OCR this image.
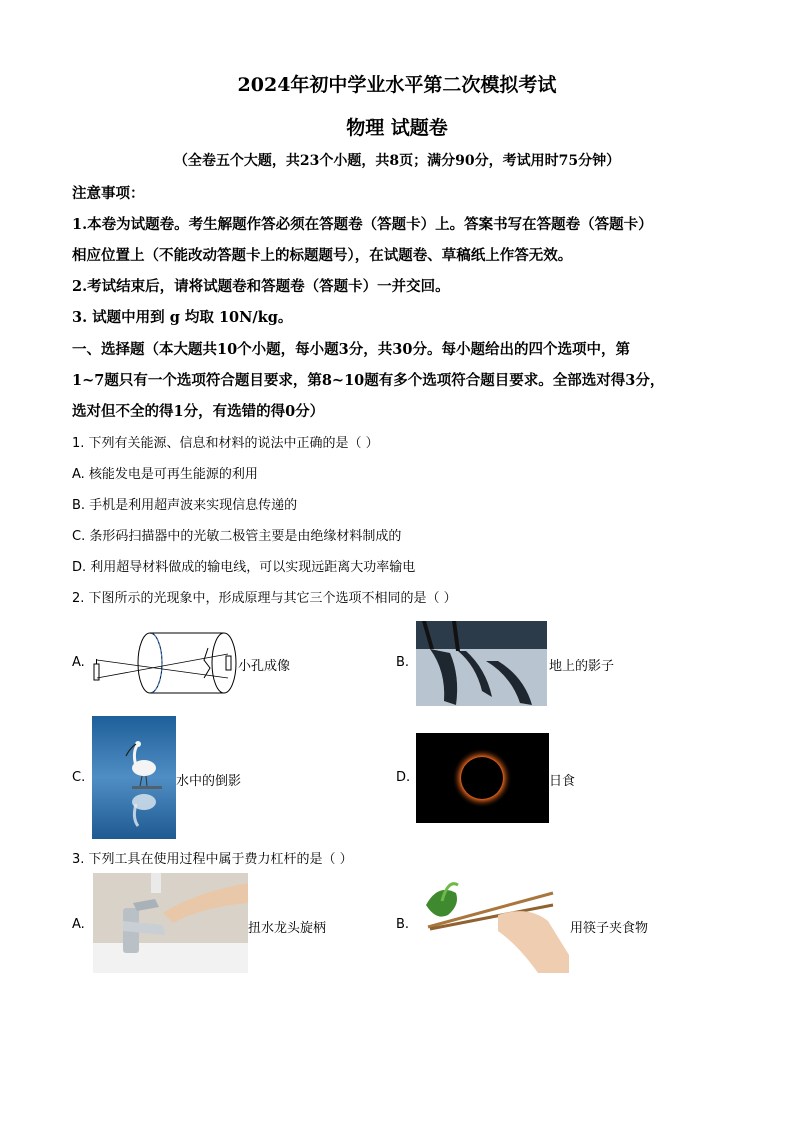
2024年初中学业水平第二次模拟考试
物理 试题卷
（全卷五个大题，共23个小题，共8页；满分90分，考试用时75分钟）
注意事项：
1.本卷为试题卷。考生解题作答必须在答题卷（答题卡）上。答案书写在答题卷（答题卡）
相应位置上（不能改动答题卡上的标题题号），在试题卷、草稿纸上作答无效。
2.考试结束后，请将试题卷和答题卷（答题卡）一并交回。
3. 试题中用到 g 均取 10N/kg。
一、选择题（本大题共10个小题，每小题3分，共30分。每小题给出的四个选项中，第
1~7题只有一个选项符合题目要求，第8~10题有多个选项符合题目要求。全部选对得3分，
选对但不全的得1分，有选错的得0分）
1. 下列有关能源、信息和材料的说法中正确的是（ ）
A. 核能发电是可再生能源的利用
B. 手机是利用超声波来实现信息传递的
C. 条形码扫描器中的光敏二极管主要是由绝缘材料制成的
D. 利用超导材料做成的输电线，可以实现远距离大功率输电
2. 下图所示的光现象中，形成原理与其它三个选项不相同的是（ ）
A.	小孔成像	B.	地上的影子
C.	水中的倒影	D.	日食
3. 下列工具在使用过程中属于费力杠杆的是（ ）
A.	扭水龙头旋柄	B.	用筷子夹食物
